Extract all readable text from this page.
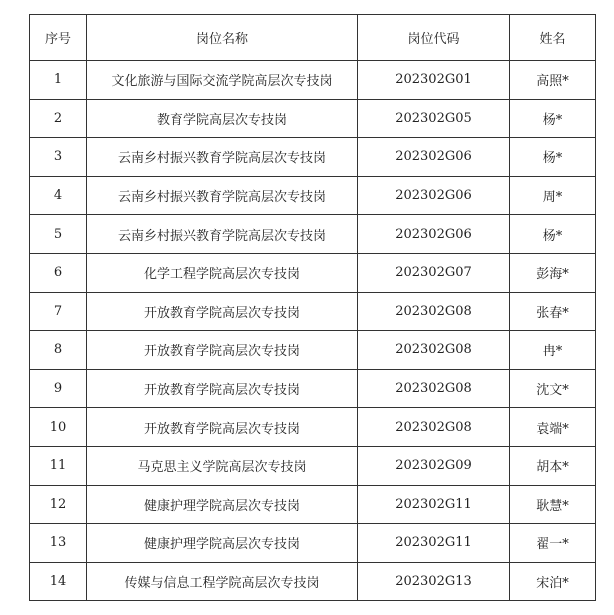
序号	岗位名称	岗位代码	姓名
1	文化旅游与国际交流学院高层次专技岗	202302G01	高照*
2	教育学院高层次专技岗	202302G05	杨*
3	云南乡村振兴教育学院高层次专技岗	202302G06	杨*
4	云南乡村振兴教育学院高层次专技岗	202302G06	周*
5	云南乡村振兴教育学院高层次专技岗	202302G06	杨*
6	化学工程学院高层次专技岗	202302G07	彭海*
7	开放教育学院高层次专技岗	202302G08	张春*
8	开放教育学院高层次专技岗	202302G08	冉*
9	开放教育学院高层次专技岗	202302G08	沈文*
10	开放教育学院高层次专技岗	202302G08	袁端*
11	马克思主义学院高层次专技岗	202302G09	胡本*
12	健康护理学院高层次专技岗	202302G11	耿慧*
13	健康护理学院高层次专技岗	202302G11	翟一*
14	传媒与信息工程学院高层次专技岗	202302G13	宋泊*
